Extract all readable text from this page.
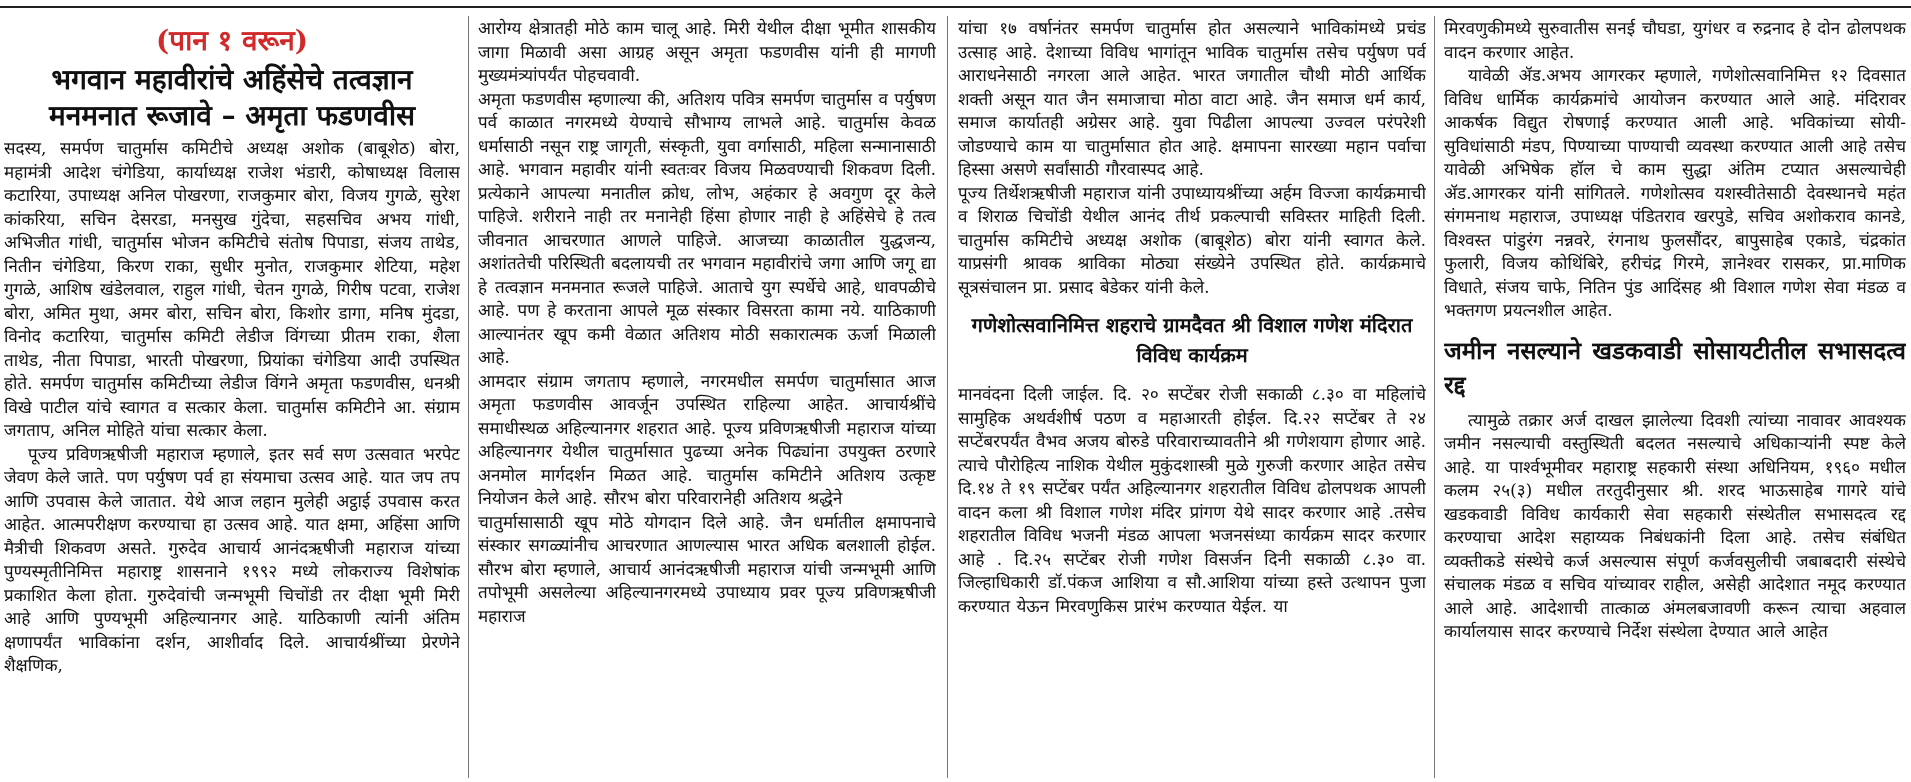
(पान १ वरून)
भगवान महावीरांचे अहिंसेचे तत्वज्ञान मनमनात रूजावे – अमृता फडणवीस

सदस्य, समर्पण चातुर्मास कमिटीचे अध्यक्ष अशोक (बाबूशेठ) बोरा, महामंत्री आदेश चंगेडिया, कार्याध्यक्ष राजेश भंडारी, कोषाध्यक्ष विलास कटारिया, उपाध्यक्ष अनिल पोखरणा, राजकुमार बोरा, विजय गुगळे, सुरेश कांकरिया, सचिन देसरडा, मनसुख गुंदेचा, सहसचिव अभय गांधी, अभिजीत गांधी, चातुर्मास भोजन कमिटीचे संतोष पिपाडा, संजय ताथेड, नितीन चंगेडिया, किरण राका, सुधीर मुनोत, राजकुमार शेटिया, महेश गुगळे, आशिष खंडेलवाल, राहुल गांधी, चेतन गुगळे, गिरीष पटवा, राजेश बोरा, अमित मुथा, अमर बोरा, सचिन बोरा, किशोर डागा, मनिष मुंदडा, विनोद कटारिया, चातुर्मास कमिटी लेडीज विंगच्या प्रीतम राका, शैला ताथेड, नीता पिपाडा, भारती पोखरणा, प्रियांका चंगेडिया आदी उपस्थित होते. समर्पण चातुर्मास कमिटीच्या लेडीज विंगने अमृता फडणवीस, धनश्री विखे पाटील यांचे स्वागत व सत्कार केला. चातुर्मास कमिटीने आ. संग्राम जगताप, अनिल मोहिते यांचा सत्कार केला.

पूज्य प्रविणऋषीजी महाराज म्हणाले, इतर सर्व सण उत्सवात भरपेट जेवण केले जाते. पण पर्युषण पर्व हा संयमाचा उत्सव आहे. यात जप तप आणि उपवास केले जातात. येथे आज लहान मुलेही अट्ठाई उपवास करत आहेत. आत्मपरीक्षण करण्याचा हा उत्सव आहे. यात क्षमा, अहिंसा आणि मैत्रीची शिकवण असते. गुरुदेव आचार्य आनंदऋषीजी महाराज यांच्या पुण्यस्मृतीनिमित्त महाराष्ट्र शासनाने १९९२ मध्ये लोकराज्य विशेषांक प्रकाशित केला होता. गुरुदेवांची जन्मभूमी चिचोंडी तर दीक्षा भूमी मिरी आहे आणि पुण्यभूमी अहिल्यानगर आहे. याठिकाणी त्यांनी अंतिम क्षणापर्यंत भाविकांना दर्शन, आशीर्वाद दिले. आचार्यश्रींच्या प्रेरणेने शैक्षणिक,

आरोग्य क्षेत्रातही मोठे काम चालू आहे. मिरी येथील दीक्षा भूमीत शासकीय जागा मिळावी असा आग्रह असून अमृता फडणवीस यांनी ही मागणी मुख्यमंत्र्यांपर्यंत पोहचवावी.

अमृता फडणवीस म्हणाल्या की, अतिशय पवित्र समर्पण चातुर्मास व पर्युषण पर्व काळात नगरमध्ये येण्याचे सौभाग्य लाभले आहे. चातुर्मास केवळ धर्मासाठी नसून राष्ट्र जागृती, संस्कृती, युवा वर्गासाठी, महिला सन्मानासाठी आहे. भगवान महावीर यांनी स्वतःवर विजय मिळवण्याची शिकवण दिली. प्रत्येकाने आपल्या मनातील क्रोध, लोभ, अहंकार हे अवगुण दूर केले पाहिजे. शरीराने नाही तर मनानेही हिंसा होणार नाही हे अहिंसेचे हे तत्व जीवनात आचरणात आणले पाहिजे. आजच्या काळातील युद्धजन्य, अशांततेची परिस्थिती बदलायची तर भगवान महावीरांचे जगा आणि जगू द्या हे तत्वज्ञान मनमनात रूजले पाहिजे. आताचे युग स्पर्धेचे आहे, धावपळीचे आहे. पण हे करताना आपले मूळ संस्कार विसरता कामा नये. याठिकाणी आल्यानंतर खूप कमी वेळात अतिशय मोठी सकारात्मक ऊर्जा मिळाली आहे.

आमदार संग्राम जगताप म्हणाले, नगरमधील समर्पण चातुर्मासात आज अमृता फडणवीस आवर्जून उपस्थित राहिल्या आहेत. आचार्यश्रींचे समाधीस्थळ अहिल्यानगर शहरात आहे. पूज्य प्रविणऋषीजी महाराज यांच्या अहिल्यानगर येथील चातुर्मासात पुढच्या अनेक पिढ्यांना उपयुक्त ठरणारे अनमोल मार्गदर्शन मिळत आहे. चातुर्मास कमिटीने अतिशय उत्कृष्ट नियोजन केले आहे. सौरभ बोरा परिवारानेही अतिशय श्रद्धेने

चातुर्मासासाठी खूप मोठे योगदान दिले आहे. जैन धर्मातील क्षमापनाचे संस्कार सगळ्यांनीच आचरणात आणल्यास भारत अधिक बलशाली होईल. सौरभ बोरा म्हणाले, आचार्य आनंदऋषीजी महाराज यांची जन्मभूमी आणि तपोभूमी असलेल्या अहिल्यानगरमध्ये उपाध्याय प्रवर पूज्य प्रविणऋषीजी महाराज

यांचा १७ वर्षानंतर समर्पण चातुर्मास होत असल्याने भाविकांमध्ये प्रचंड उत्साह आहे. देशाच्या विविध भागांतून भाविक चातुर्मास तसेच पर्युषण पर्व आराधनेसाठी नगरला आले आहेत. भारत जगातील चौथी मोठी आर्थिक शक्ती असून यात जैन समाजाचा मोठा वाटा आहे. जैन समाज धर्म कार्य, समाज कार्यातही अग्रेसर आहे. युवा पिढीला आपल्या उज्वल परंपरेशी जोडण्याचे काम या चातुर्मासात होत आहे. क्षमापना सारख्या महान पर्वाचा हिस्सा असणे सर्वांसाठी गौरवास्पद आहे.

पूज्य तिर्थेशऋषीजी महाराज यांनी उपाध्यायश्रींच्या अर्हम विज्जा कार्यक्रमाची व शिराळ चिचोंडी येथील आनंद तीर्थ प्रकल्पाची सविस्तर माहिती दिली. चातुर्मास कमिटीचे अध्यक्ष अशोक (बाबूशेठ) बोरा यांनी स्वागत केले. याप्रसंगी श्रावक श्राविका मोठ्या संख्येने उपस्थित होते. कार्यक्रमाचे सूत्रसंचालन प्रा. प्रसाद बेडेकर यांनी केले.

गणेशोत्सवानिमित्त शहराचे ग्रामदैवत श्री विशाल गणेश मंदिरात विविध कार्यक्रम

मानवंदना दिली जाईल. दि. २० सप्टेंबर रोजी सकाळी ८.३० वा महिलांचे सामुहिक अथर्वशीर्ष पठण व महाआरती होईल. दि.२२ सप्टेंबर ते २४ सप्टेंबरपर्यंत वैभव अजय बोरुडे परिवाराच्यावतीने श्री गणेशयाग होणार आहे. त्याचे पौरोहित्य नाशिक येथील मुकुंदशास्त्री मुळे गुरुजी करणार आहेत तसेच दि.१४ ते १९ सप्टेंबर पर्यंत अहिल्यानगर शहरातील विविध ढोलपथक आपली वादन कला श्री विशाल गणेश मंदिर प्रांगण येथे सादर करणार आहे .तसेच शहरातील विविध भजनी मंडळ आपला भजनसंध्या कार्यक्रम सादर करणार आहे . दि.२५ सप्टेंबर रोजी गणेश विसर्जन दिनी सकाळी ८.३० वा. जिल्हाधिकारी डॉ.पंकज आशिया व सौ.आशिया यांच्या हस्ते उत्थापन पुजा करण्यात येऊन मिरवणुकिस प्रारंभ करण्यात येईल. या

मिरवणुकीमध्ये सुरुवातीस सनई चौघडा, युगंधर व रुद्रनाद हे दोन ढोलपथक वादन करणार आहेत.

यावेळी ॲड.अभय आगरकर म्हणाले, गणेशोत्सवानिमित्त १२ दिवसात विविध धार्मिक कार्यक्रमांचे आयोजन करण्यात आले आहे. मंदिरावर आकर्षक विद्युत रोषणाई करण्यात आली आहे. भविकांच्या सोयी-सुविधांसाठी मंडप, पिण्याच्या पाण्याची व्यवस्था करण्यात आली आहे तसेच यावेळी अभिषेक हॉल चे काम सुद्धा अंतिम टप्यात असल्याचेही ॲड.आगरकर यांनी सांगितले. गणेशोत्सव यशस्वीतेसाठी देवस्थानचे महंत संगमनाथ महाराज, उपाध्यक्ष पंडितराव खरपुडे, सचिव अशोकराव कानडे, विश्वस्त पांडुरंग नन्नवरे, रंगनाथ फुलसौंदर, बापुसाहेब एकाडे, चंद्रकांत फुलारी, विजय कोथिंबिरे, हरीचंद्र गिरमे, ज्ञानेश्वर रासकर, प्रा.माणिक विधाते, संजय चाफे, नितिन पुंड आदिंसह श्री विशाल गणेश सेवा मंडळ व भक्तगण प्रयत्नशील आहेत.

जमीन नसल्याने खडकवाडी सोसायटीतील सभासदत्व रद्द

त्यामुळे तक्रार अर्ज दाखल झालेल्या दिवशी त्यांच्या नावावर आवश्यक जमीन नसल्याची वस्तुस्थिती बदलत नसल्याचे अधिकाऱ्यांनी स्पष्ट केले आहे. या पार्श्वभूमीवर महाराष्ट्र सहकारी संस्था अधिनियम, १९६० मधील कलम २५(३) मधील तरतुदीनुसार श्री. शरद भाऊसाहेब गागरे यांचे खडकवाडी विविध कार्यकारी सेवा सहकारी संस्थेतील सभासदत्व रद्द करण्याचा आदेश सहाय्यक निबंधकांनी दिला आहे. तसेच संबंधित व्यक्तीकडे संस्थेचे कर्ज असल्यास संपूर्ण कर्जवसुलीची जबाबदारी संस्थेचे संचालक मंडळ व सचिव यांच्यावर राहील, असेही आदेशात नमूद करण्यात आले आहे. आदेशाची तात्काळ अंमलबजावणी करून त्याचा अहवाल कार्यालयास सादर करण्याचे निर्देश संस्थेला देण्यात आले आहेत
